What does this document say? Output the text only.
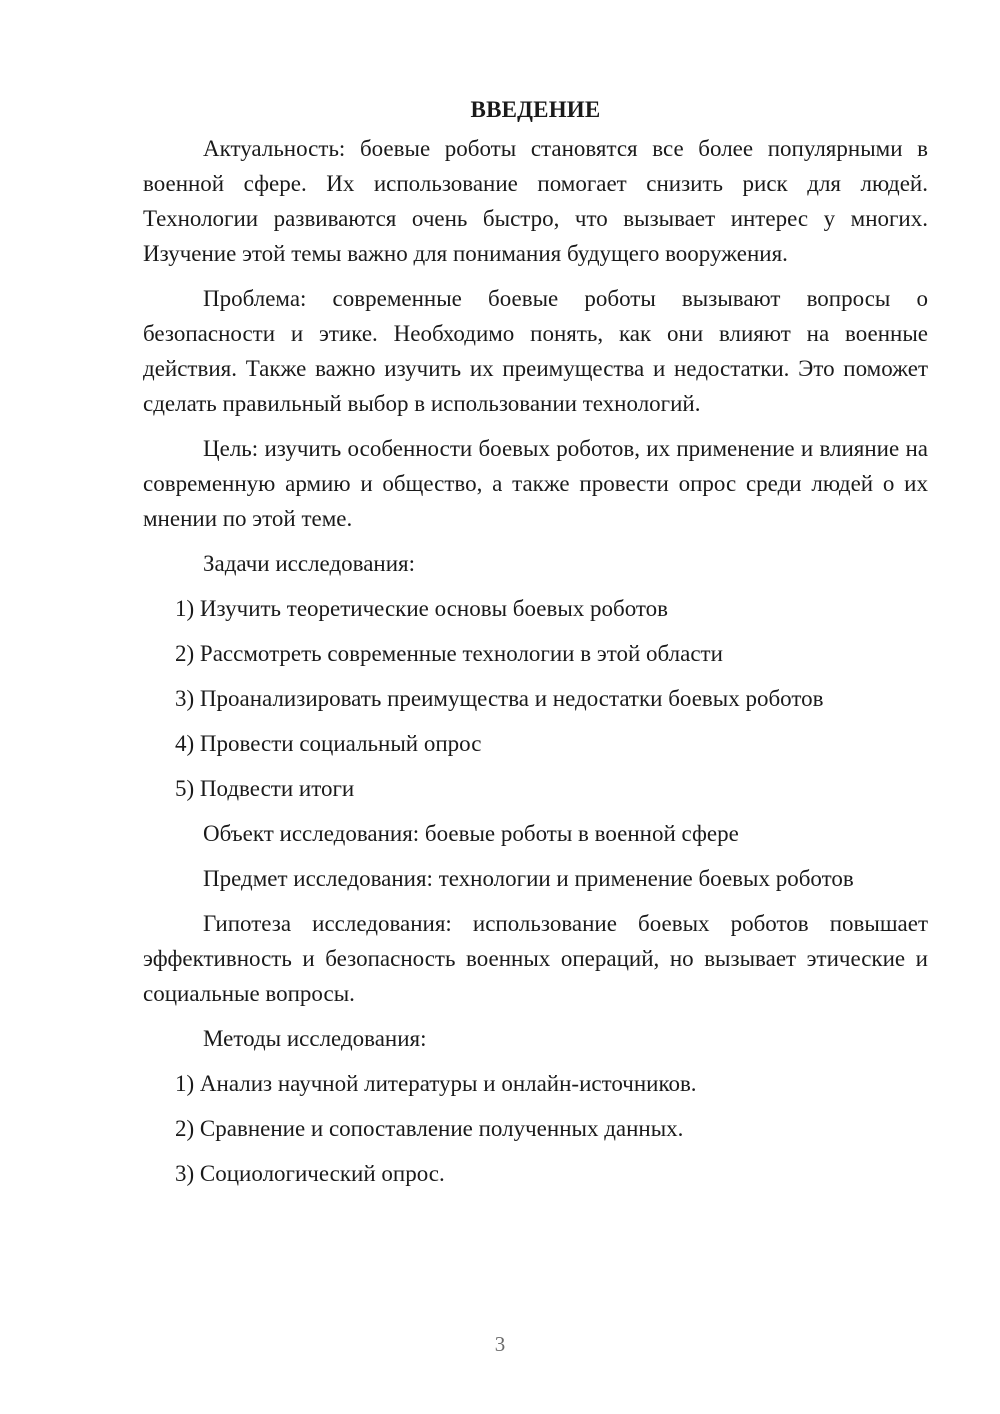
ВВЕДЕНИЕ

Актуальность: боевые роботы становятся все более популярными в военной сфере. Их использование помогает снизить риск для людей. Технологии развиваются очень быстро, что вызывает интерес у многих. Изучение этой темы важно для понимания будущего вооружения.

Проблема: современные боевые роботы вызывают вопросы о безопасности и этике. Необходимо понять, как они влияют на военные действия. Также важно изучить их преимущества и недостатки. Это поможет сделать правильный выбор в использовании технологий.

Цель: изучить особенности боевых роботов, их применение и влияние на современную армию и общество, а также провести опрос среди людей о их мнении по этой теме.

Задачи исследования:

1) Изучить теоретические основы боевых роботов

2) Рассмотреть современные технологии в этой области

3) Проанализировать преимущества и недостатки боевых роботов

4) Провести социальный опрос

5) Подвести итоги

Объект исследования: боевые роботы в военной сфере

Предмет исследования: технологии и применение боевых роботов

Гипотеза исследования: использование боевых роботов повышает эффективность и безопасность военных операций, но вызывает этические и социальные вопросы.

Методы исследования:

1) Анализ научной литературы и онлайн-источников.

2) Сравнение и сопоставление полученных данных.

3) Социологический опрос.

3
